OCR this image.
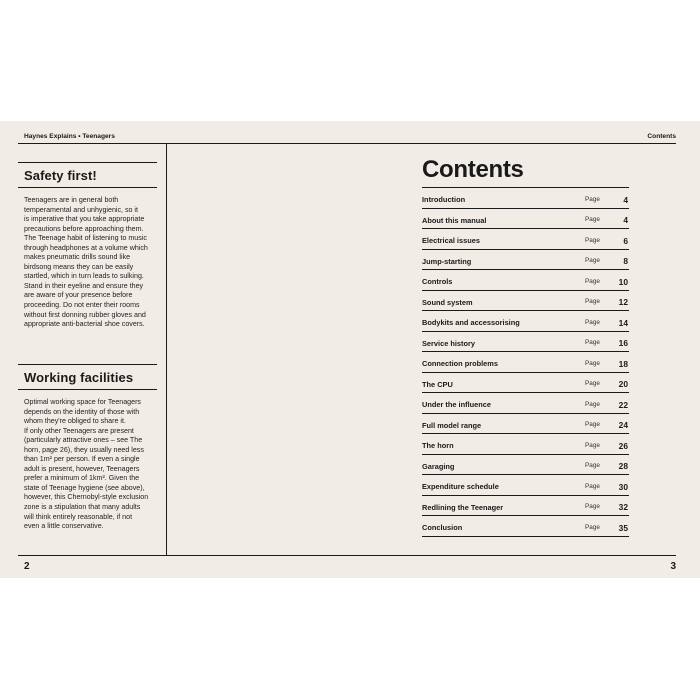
Haynes Explains • Teenagers	Contents
Safety first!

Teenagers are in general both
temperamental and unhygienic, so it
is imperative that you take appropriate
precautions before approaching them.
The Teenage habit of listening to music
through headphones at a volume which
makes pneumatic drills sound like
birdsong means they can be easily
startled, which in turn leads to sulking.
Stand in their eyeline and ensure they
are aware of your presence before
proceeding. Do not enter their rooms
without first donning rubber gloves and
appropriate anti-bacterial shoe covers.

Working facilities

Optimal working space for Teenagers
depends on the identity of those with
whom they're obliged to share it.
If only other Teenagers are present
(particularly attractive ones – see The
horn, page 26), they usually need less
than 1m² per person. If even a single
adult is present, however, Teenagers
prefer a minimum of 1km². Given the
state of Teenage hygiene (see above),
however, this Chernobyl-style exclusion
zone is a stipulation that many adults
will think entirely reasonable, if not
even a little conservative.

Contents
Introduction	Page	4
About this manual	Page	4
Electrical issues	Page	6
Jump-starting	Page	8
Controls	Page 10
Sound system	Page 12
Bodykits and accessorising	Page 14
Service history	Page 16
Connection problems	Page 18
The CPU	Page 20
Under the influence	Page 22
Full model range	Page 24
The horn	Page 26
Garaging	Page 28
Expenditure schedule	Page 30
Redlining the Teenager	Page 32
Conclusion	Page 35
2	3
